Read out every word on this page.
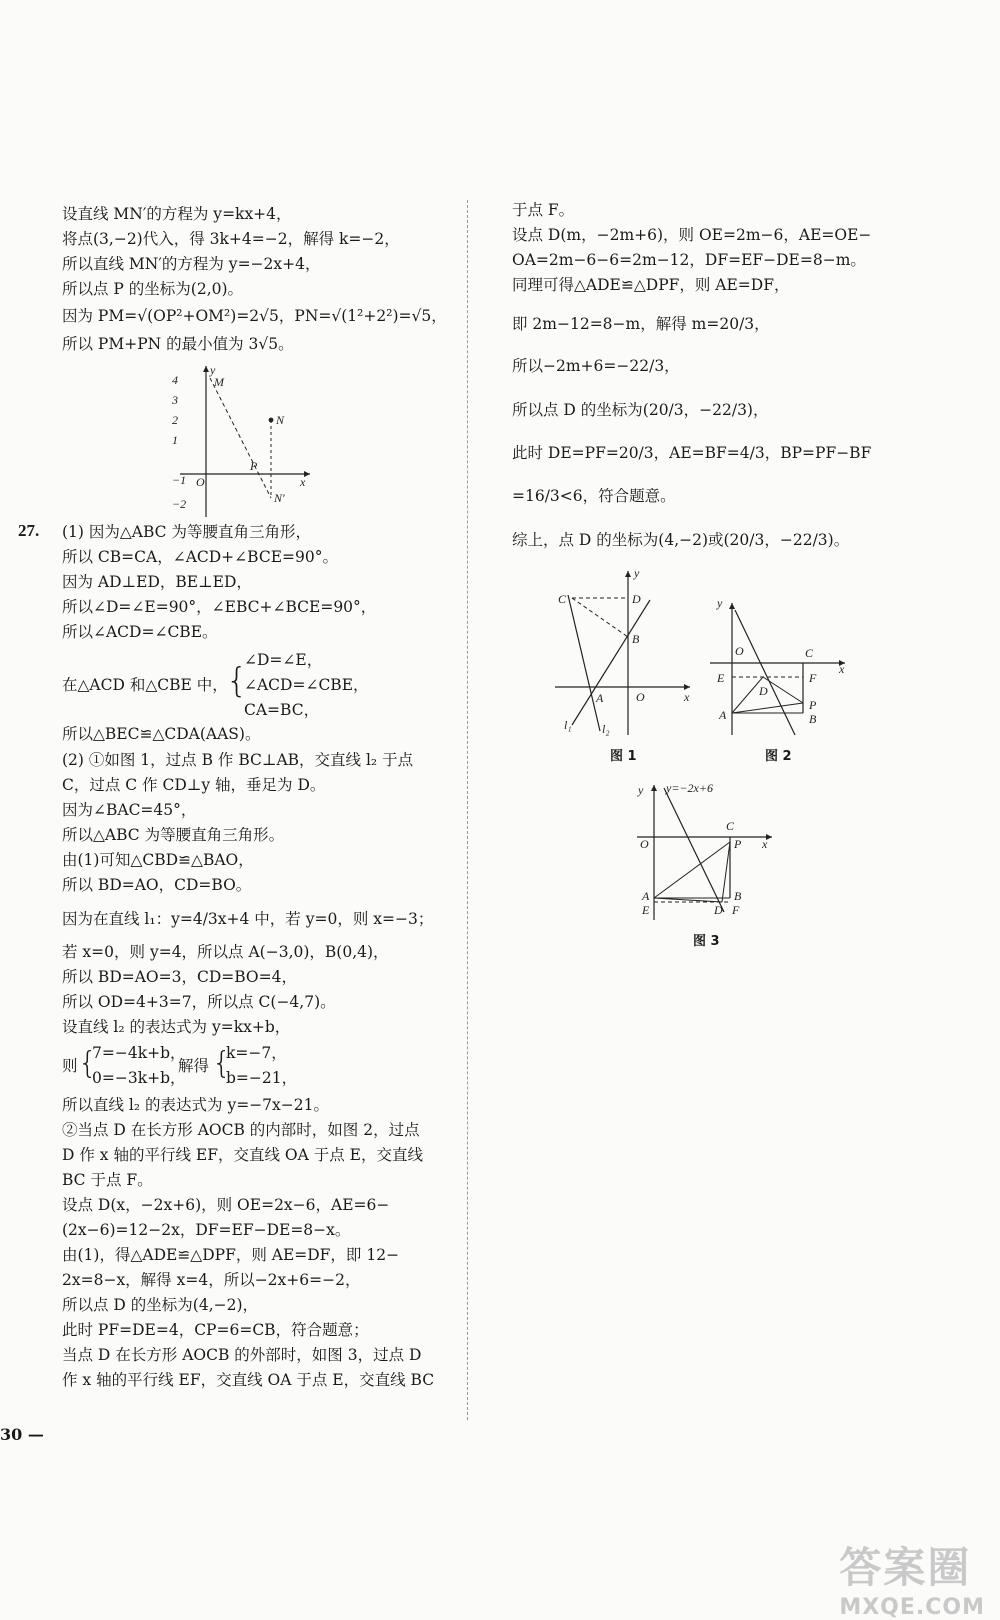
设直线 MN′的方程为 y=kx+4，
将点(3,−2)代入，得 3k+4=−2，解得 k=−2，
所以直线 MN′的方程为 y=−2x+4，
所以点 P 的坐标为(2,0)。
因为 PM=√(OP²+OM²)=2√5，PN=√(1²+2²)=√5，
所以 PM+PN 的最小值为 3√5。
4
3
2
1
−1
−2
y
M
N
P
N′
O	x
27. (1) 因为△ABC 为等腰直角三角形，
所以 CB=CA，∠ACD+∠BCE=90°。
因为 AD⊥ED，BE⊥ED，
所以∠D=∠E=90°，∠EBC+∠BCE=90°，
所以∠ACD=∠CBE。
在△ACD 和△CBE 中，
{
∠D=∠E，
∠ACD=∠CBE，
CA=BC，
所以△BEC≌△CDA(AAS)。
(2) ①如图 1，过点 B 作 BC⊥AB，交直线 l₂ 于点
C，过点 C 作 CD⊥y 轴，垂足为 D。
因为∠BAC=45°，
所以△ABC 为等腰直角三角形。
由(1)可知△CBD≌△BAO，
所以 BD=AO，CD=BO。
因为在直线 l₁：y=4/3x+4 中，若 y=0，则 x=−3；
若 x=0，则 y=4，所以点 A(−3,0)，B(0,4)，
所以 BD=AO=3，CD=BO=4，
所以 OD=4+3=7，所以点 C(−4,7)。
设直线 l₂ 的表达式为 y=kx+b，
则 {
7=−4k+b，
0=−3k+b，
解得 {
k=−7，
b=−21，
所以直线 l₂ 的表达式为 y=−7x−21。
②当点 D 在长方形 AOCB 的内部时，如图 2，过点
D 作 x 轴的平行线 EF，交直线 OA 于点 E，交直线
BC 于点 F。
设点 D(x，−2x+6)，则 OE=2x−6，AE=6−
(2x−6)=12−2x，DF=EF−DE=8−x。
由(1)，得△ADE≌△DPF，则 AE=DF，即 12−
2x=8−x，解得 x=4，所以−2x+6=−2，
所以点 D 的坐标为(4,−2)，
此时 PF=DE=4，CP=6=CB，符合题意；
当点 D 在长方形 AOCB 的外部时，如图 3，过点 D
作 x 轴的平行线 EF，交直线 OA 于点 E，交直线 BC
于点 F。
设点 D(m，−2m+6)，则 OE=2m−6，AE=OE−
OA=2m−6−6=2m−12，DF=EF−DE=8−m。
同理可得△ADE≌△DPF，则 AE=DF，
即 2m−12=8−m，解得 m=20/3，
所以−2m+6=−22/3，
所以点 D 的坐标为(20/3，−22/3)，
此时 DE=PF=20/3，AE=BF=4/3，BP=PF−BF
=16/3<6，符合题意。
综上，点 D 的坐标为(4,−2)或(20/3，−22/3)。
y
C	D
B
A	O	x
l₁	l₂
图 1
y
O	C
x
E
D
F
A
P
B
图 2
y=−2x+6
y
C
x
O	P
A	B
E	D F
图 3
30 —
答案圈
MXQE.COM
